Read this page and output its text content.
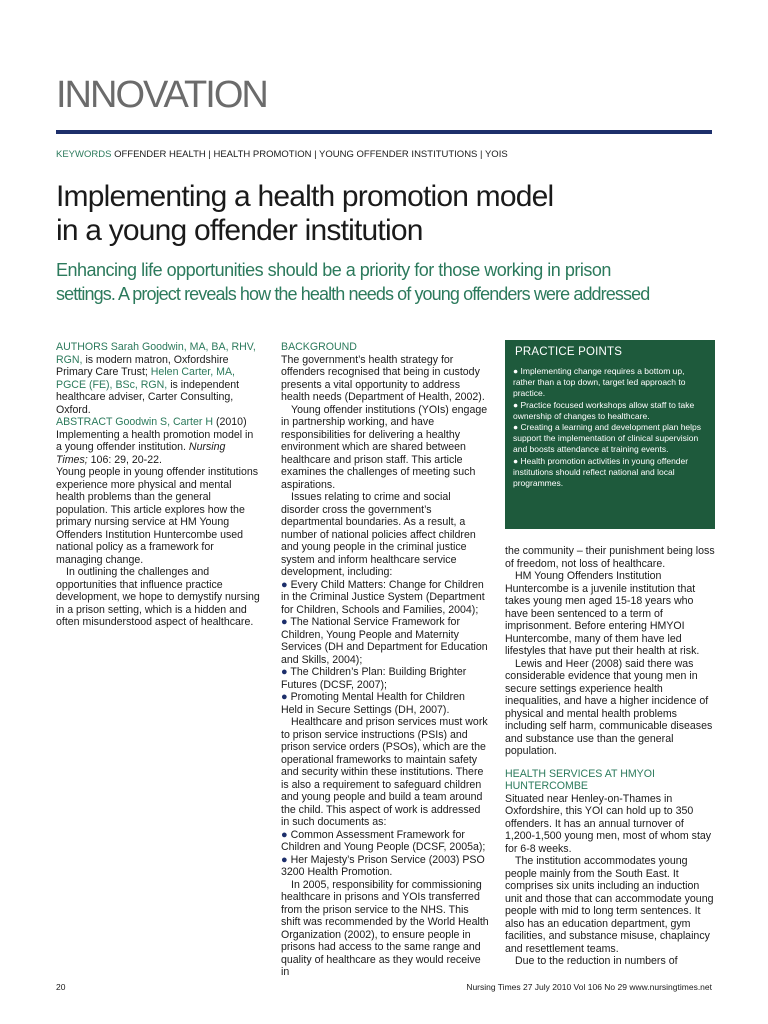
INNOVATION
KEYWORDS OFFENDER HEALTH | HEALTH PROMOTION | YOUNG OFFENDER INSTITUTIONS | YOIS
Implementing a health promotion model
in a young offender institution
Enhancing life opportunities should be a priority for those working in prison
settings. A project reveals how the health needs of young offenders were addressed

AUTHORS Sarah Goodwin, MA, BA, RHV, RGN, is modern matron, Oxfordshire Primary Care Trust; Helen Carter, MA, PGCE (FE), BSc, RGN, is independent healthcare adviser, Carter Consulting, Oxford.

ABSTRACT Goodwin S, Carter H (2010) Implementing a health promotion model in a young offender institution. Nursing Times; 106: 29, 20-22.

Young people in young offender institutions experience more physical and mental health problems than the general population. This article explores how the primary nursing service at HM Young Offenders Institution Huntercombe used national policy as a framework for managing change.

In outlining the challenges and opportunities that influence practice development, we hope to demystify nursing in a prison setting, which is a hidden and often misunderstood aspect of healthcare.

BACKGROUND

The government’s health strategy for offenders recognised that being in custody presents a vital opportunity to address health needs (Department of Health, 2002).

Young offender institutions (YOIs) engage in partnership working, and have responsibilities for delivering a healthy environment which are shared between healthcare and prison staff. This article examines the challenges of meeting such aspirations.

Issues relating to crime and social disorder cross the government’s departmental boundaries. As a result, a number of national policies affect children and young people in the criminal justice system and inform healthcare service development, including:

● Every Child Matters: Change for Children in the Criminal Justice System (Department for Children, Schools and Families, 2004);

● The National Service Framework for Children, Young People and Maternity Services (DH and Department for Education and Skills, 2004);

● The Children’s Plan: Building Brighter Futures (DCSF, 2007);

● Promoting Mental Health for Children Held in Secure Settings (DH, 2007).

Healthcare and prison services must work to prison service instructions (PSIs) and prison service orders (PSOs), which are the operational frameworks to maintain safety and security within these institutions. There is also a requirement to safeguard children and young people and build a team around the child. This aspect of work is addressed in such documents as:

● Common Assessment Framework for Children and Young People (DCSF, 2005a);

● Her Majesty’s Prison Service (2003) PSO 3200 Health Promotion.

In 2005, responsibility for commissioning healthcare in prisons and YOIs transferred from the prison service to the NHS. This shift was recommended by the World Health Organization (2002), to ensure people in prisons had access to the same range and quality of healthcare as they would receive in

PRACTICE POINTS

● Implementing change requires a bottom up, rather than a top down, target led approach to practice.

● Practice focused workshops allow staff to take ownership of changes to healthcare.

● Creating a learning and development plan helps support the implementation of clinical supervision and boosts attendance at training events.

● Health promotion activities in young offender institutions should reflect national and local programmes.

the community – their punishment being loss of freedom, not loss of healthcare.

HM Young Offenders Institution Huntercombe is a juvenile institution that takes young men aged 15-18 years who have been sentenced to a term of imprisonment. Before entering HMYOI Huntercombe, many of them have led lifestyles that have put their health at risk.

Lewis and Heer (2008) said there was considerable evidence that young men in secure settings experience health inequalities, and have a higher incidence of physical and mental health problems including self harm, communicable diseases and substance use than the general population.

HEALTH SERVICES AT HMYOI HUNTERCOMBE

Situated near Henley-on-Thames in Oxfordshire, this YOI can hold up to 350 offenders. It has an annual turnover of 1,200-1,500 young men, most of whom stay for 6-8 weeks.

The institution accommodates young people mainly from the South East. It comprises six units including an induction unit and those that can accommodate young people with mid to long term sentences. It also has an education department, gym facilities, and substance misuse, chaplaincy and resettlement teams.

Due to the reduction in numbers of

20	Nursing Times 27 July 2010 Vol 106 No 29 www.nursingtimes.net
